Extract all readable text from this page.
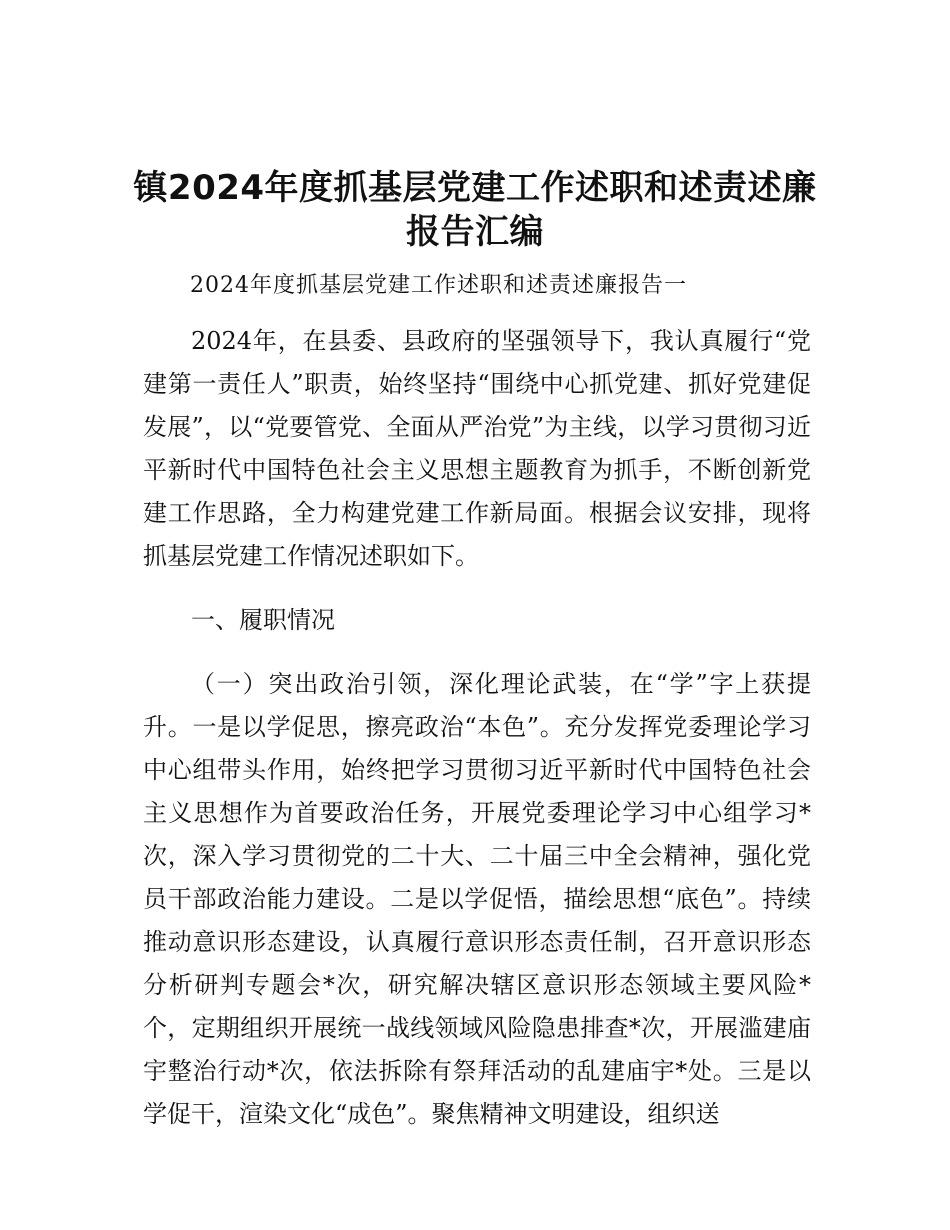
镇2024年度抓基层党建工作述职和述责述廉报告汇编

2024年度抓基层党建工作述职和述责述廉报告一

2024年，在县委、县政府的坚强领导下，我认真履行“党建第一责任人”职责，始终坚持“围绕中心抓党建、抓好党建促发展”，以“党要管党、全面从严治党”为主线，以学习贯彻习近平新时代中国特色社会主义思想主题教育为抓手，不断创新党建工作思路，全力构建党建工作新局面。根据会议安排，现将抓基层党建工作情况述职如下。

一、履职情况

（一）突出政治引领，深化理论武装，在“学”字上获提升。一是以学促思，擦亮政治“本色”。充分发挥党委理论学习中心组带头作用，始终把学习贯彻习近平新时代中国特色社会主义思想作为首要政治任务，开展党委理论学习中心组学习*次，深入学习贯彻党的二十大、二十届三中全会精神，强化党员干部政治能力建设。二是以学促悟，描绘思想“底色”。持续推动意识形态建设，认真履行意识形态责任制，召开意识形态分析研判专题会*次，研究解决辖区意识形态领域主要风险*个，定期组织开展统一战线领域风险隐患排查*次，开展滥建庙宇整治行动*次，依法拆除有祭拜活动的乱建庙宇*处。三是以学促干，渲染文化“成色”。聚焦精神文明建设，组织送
